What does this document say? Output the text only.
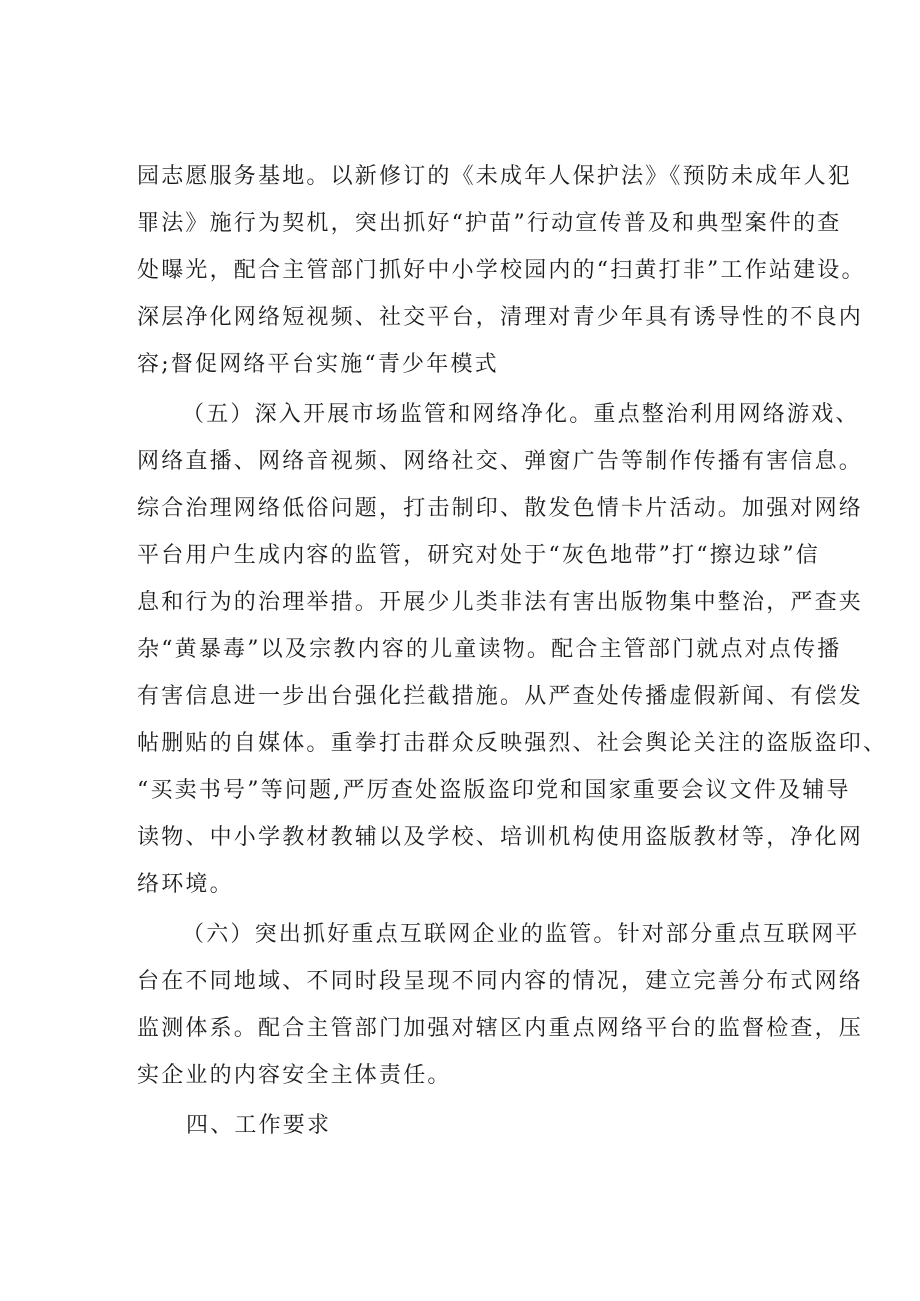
园志愿服务基地。以新修订的《未成年人保护法》《预防未成年人犯
罪法》施行为契机，突出抓好“护苗”行动宣传普及和典型案件的查
处曝光，配合主管部门抓好中小学校园内的“扫黄打非”工作站建设。
深层净化网络短视频、社交平台，清理对青少年具有诱导性的不良内
容;督促网络平台实施“青少年模式
（五）深入开展市场监管和网络净化。重点整治利用网络游戏、
网络直播、网络音视频、网络社交、弹窗广告等制作传播有害信息。
综合治理网络低俗问题，打击制印、散发色情卡片活动。加强对网络
平台用户生成内容的监管，研究对处于“灰色地带”打“擦边球”信
息和行为的治理举措。开展少儿类非法有害出版物集中整治，严查夹
杂“黄暴毒”以及宗教内容的儿童读物。配合主管部门就点对点传播
有害信息进一步出台强化拦截措施。从严查处传播虚假新闻、有偿发
帖删贴的自媒体。重拳打击群众反映强烈、社会舆论关注的盗版盗印、
“买卖书号”等问题,严厉查处盗版盗印党和国家重要会议文件及辅导
读物、中小学教材教辅以及学校、培训机构使用盗版教材等，净化网
络环境。
（六）突出抓好重点互联网企业的监管。针对部分重点互联网平
台在不同地域、不同时段呈现不同内容的情况，建立完善分布式网络
监测体系。配合主管部门加强对辖区内重点网络平台的监督检查，压
实企业的内容安全主体责任。
四、工作要求
